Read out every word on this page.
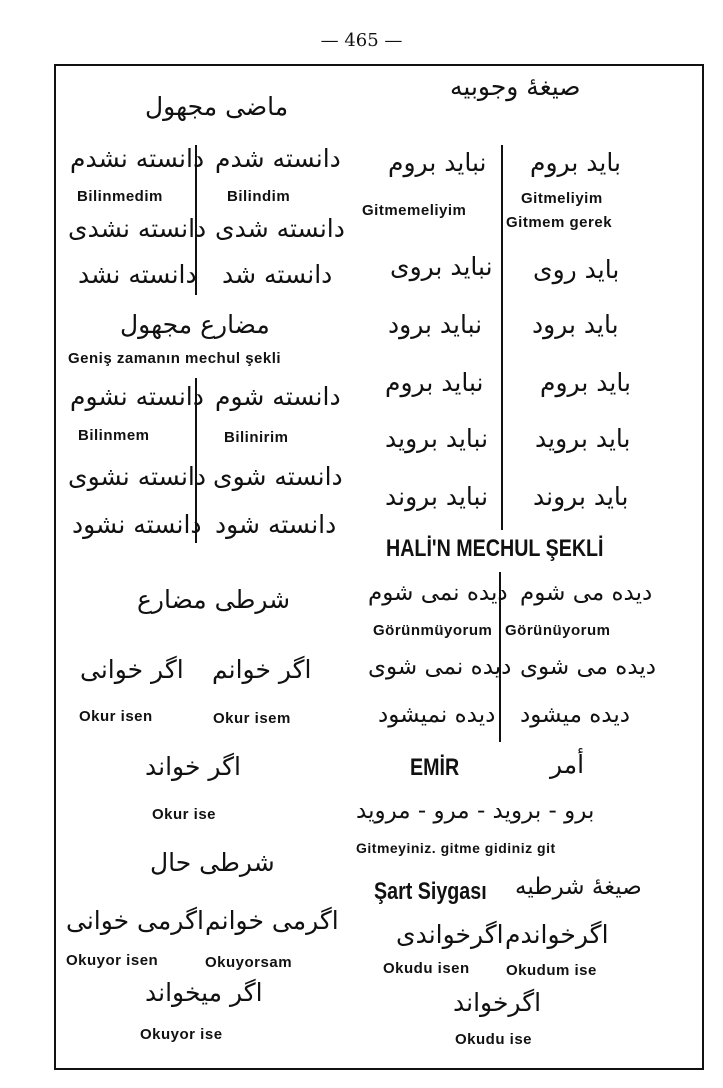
— 465 —
ماضى مجهول
دانسته شدم
دانسته نشدم
Bilindim
Bilinmedim
دانسته شدى
دانسته نشدى
دانسته شد
دانسته نشد
مضارع مجهول
Geniş zamanın mechul şekli
دانسته شوم
دانسته نشوم
Bilinirim
Bilinmem
دانسته شوى
دانسته نشوى
دانسته شود
دانسته نشود
شرطى مضارع
اگر خوانم
اگر خوانى
Okur isem
Okur isen
اگر خواند
Okur ise
شرطى حال
اگرمى خوانم
اگرمى خوانى
Okuyorsam
Okuyor isen
اگر ميخواند
Okuyor ise
صيغهٔ وجوبيه
بايد بروم
نبايد بروم
Gitmeliyim
Gitmem gerek
Gitmemeliyim
بايد روى
نبايد بروى
بايد برود
نبايد برود
بايد بروم
نبايد بروم
بايد برويد
نبايد برويد
بايد بروند
نبايد بروند
HALİ'N MECHUL ŞEKLİ
ديده مى شوم
ديده نمى شوم
Görünüyorum
Görünmüyorum
ديده مى شوى
ديده نمى شوى
ديده ميشود
ديده نميشود
EMİR	أمر
برو - برويد - مرو - مرويد
Gitmeyiniz. gitme gidiniz git
Şart Siygası صيغهٔ شرطيه
اگرخواندم
اگرخواندى
Okudum ise
Okudu isen
اگرخواند
Okudu ise
